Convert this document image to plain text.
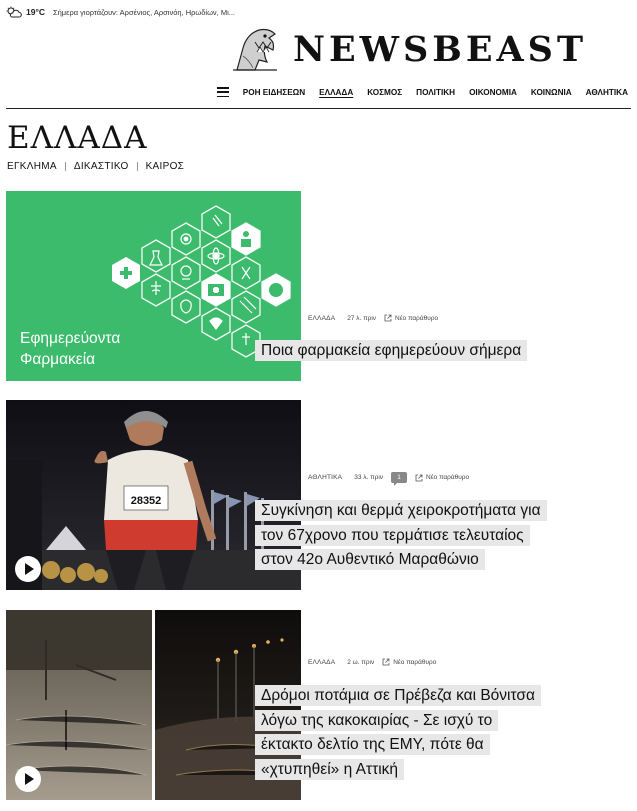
19°C Σήμερα γιορτάζουν: Αρσένιος, Αρσινόη, Ηρωδίων, Μι...
NEWSBEAST
ΡΟΗ ΕΙΔΗΣΕΩΝ ΕΛΛΑΔΑ ΚΟΣΜΟΣ ΠΟΛΙΤΙΚΗ ΟΙΚΟΝΟΜΙΑ ΚΟΙΝΩΝΙΑ ΑΘΛΗΤΙΚΑ
ΕΛΛΑΔΑ
ΕΓΚΛΗΜΑ ΔΙΚΑΣΤΙΚΟ ΚΑΙΡΟΣ
Εφημερεύοντα
Φαρμακεία
ΕΛΛΑΔΑ 27 λ. πριν	Νέο παράθυρο
Ποια φαρμακεία εφημερεύουν σήμερα
28352
ΑΘΛΗΤΙΚΑ 33 λ. πριν	1	Νέο παράθυρο
Συγκίνηση και θερμά χειροκροτήματα για
τον 67χρονο που τερμάτισε τελευταίος
στον 42ο Αυθεντικό Μαραθώνιο
ΕΛΛΑΔΑ 2 ω. πριν	Νέο παράθυρο
Δρόμοι ποτάμια σε Πρέβεζα και Βόνιτσα
λόγω της κακοκαιρίας - Σε ισχύ το
έκτακτο δελτίο της ΕΜΥ, πότε θα
«χτυπηθεί» η Αττική
